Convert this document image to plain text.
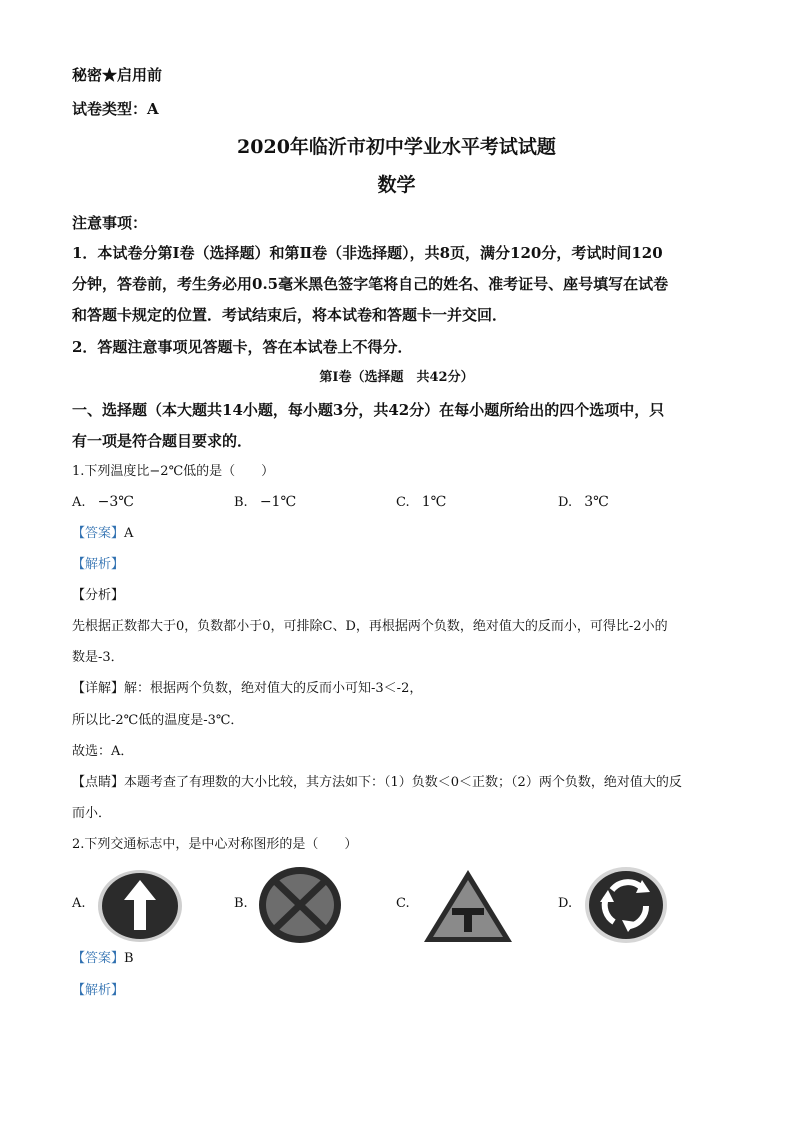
秘密★启用前
试卷类型：A
2020年临沂市初中学业水平考试试题
数学
注意事项：
1．本试卷分第Ⅰ卷（选择题）和第Ⅱ卷（非选择题），共8页，满分120分，考试时间120
分钟，答卷前，考生务必用0.5毫米黑色签字笔将自己的姓名、准考证号、座号填写在试卷
和答题卡规定的位置．考试结束后，将本试卷和答题卡一并交回．
2．答题注意事项见答题卡，答在本试卷上不得分．
第Ⅰ卷（选择题　共42分）
一、选择题（本大题共14小题，每小题3分，共42分）在每小题所给出的四个选项中，只
有一项是符合题目要求的．
1.下列温度比−2℃低的是（　　）
A. −3℃	B. −1℃	C. 1℃	D. 3℃
【答案】A
【解析】
【分析】
先根据正数都大于0，负数都小于0，可排除C、D，再根据两个负数，绝对值大的反而小，可得比-2小的
数是-3．
【详解】解：根据两个负数，绝对值大的反而小可知-3＜-2，
所以比-2℃低的温度是-3℃．
故选：A．
【点睛】本题考查了有理数的大小比较，其方法如下：（1）负数＜0＜正数；（2）两个负数，绝对值大的反
而小．
2.下列交通标志中，是中心对称图形的是（　　）
A.	B.	C.	D.
【答案】B
【解析】
